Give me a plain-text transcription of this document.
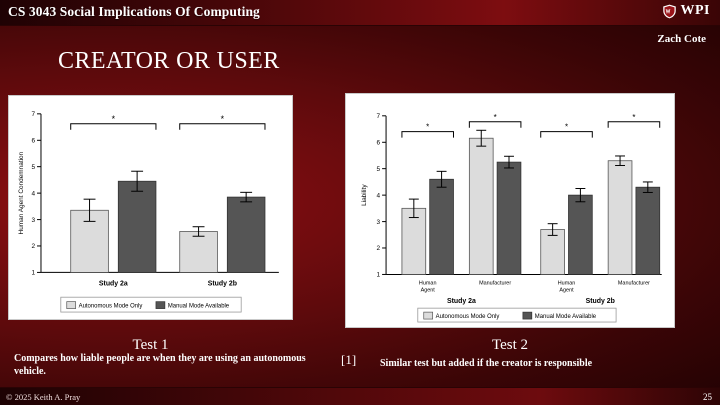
CS 3043 Social Implications Of Computing	WPI
Zach Cote
CREATOR OR USER
1
2
3
4
5
6
7
Human Agent Condemnation
*	*
Study 2a	Study 2b
Autonomous Mode Only	Manual Mode Available
1
2
3
4
5
6
7
Liability
*
*
*
*
Human
Agent
Manufacturer	Human
Agent
Manufacturer
Study 2a	Study 2b
Autonomous Mode Only	Manual Mode Available
Test 1
Compares how liable people are when they are using an autonomous vehicle.
[1]
Test 2
Similar test but added if the creator is responsible
© 2025 Keith A. Pray	25
